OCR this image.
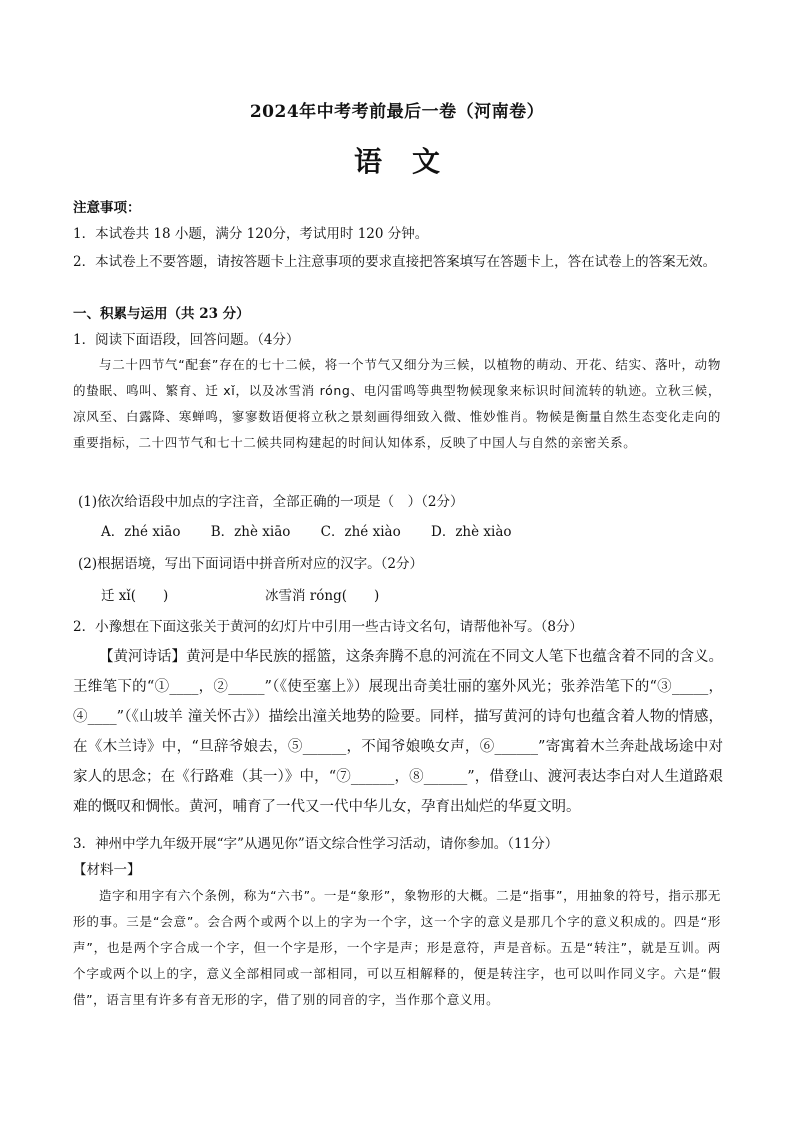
2024年中考考前最后一卷（河南卷）
语文
注意事项：
1．本试卷共 18 小题，满分 120分，考试用时 120 分钟。
2．本试卷上不要答题，请按答题卡上注意事项的要求直接把答案填写在答题卡上，答在试卷上的答案无效。
一、积累与运用（共 23 分）
1．阅读下面语段，回答问题。（4分）
与二十四节气“配套”存在的七十二候，将一个节气又细分为三候，以植物的萌动、开花、结实、落叶，动物的蛰眠、鸣叫、繁育、迁 xǐ，以及冰雪消 róng、电闪雷鸣等典型物候现象来标识时间流转的轨迹。立秋三候，凉风至、白露降、寒蝉鸣，寥寥数语便将立秋之景刻画得细致入微、惟妙惟肖。物候是衡量自然生态变化走向的重要指标，二十四节气和七十二候共同构建起的时间认知体系，反映了中国人与自然的亲密关系。
(1)依次给语段中加点的字注音，全部正确的一项是（　）（2分）
A．zhé xiāo B．zhè xiāo C．zhé xiào D．zhè xiào
(2)根据语境，写出下面词语中拼音所对应的汉字。（2分）
迁 xǐ(　　)	冰雪消 róng(　　)
2．小豫想在下面这张关于黄河的幻灯片中引用一些古诗文名句，请帮他补写。（8分）
【黄河诗话】黄河是中华民族的摇篮，这条奔腾不息的河流在不同文人笔下也蕴含着不同的含义。王维笔下的“①____，②_____”（《使至塞上》）展现出奇美壮丽的塞外风光；张养浩笔下的“③_____，④____”（《山坡羊 潼关怀古》）描绘出潼关地势的险要。同样，描写黄河的诗句也蕴含着人物的情感，在《木兰诗》中，“旦辞爷娘去，⑤______，不闻爷娘唤女声，⑥______”寄寓着木兰奔赴战场途中对家人的思念；在《行路难（其一）》中，“⑦______，⑧______”，借登山、渡河表达李白对人生道路艰难的慨叹和惆怅。黄河，哺育了一代又一代中华儿女，孕育出灿烂的华夏文明。
3．神州中学九年级开展“字”从遇见你”语文综合性学习活动，请你参加。（11分）
【材料一】
造字和用字有六个条例，称为“六书”。一是“象形”，象物形的大概。二是“指事”，用抽象的符号，指示那无形的事。三是“会意”。会合两个或两个以上的字为一个字，这一个字的意义是那几个字的意义积成的。四是“形声”，也是两个字合成一个字，但一个字是形，一个字是声；形是意符，声是音标。五是“转注”，就是互训。两个字或两个以上的字，意义全部相同或一部相同，可以互相解释的，便是转注字，也可以叫作同义字。六是“假借”，语言里有许多有音无形的字，借了别的同音的字，当作那个意义用。
